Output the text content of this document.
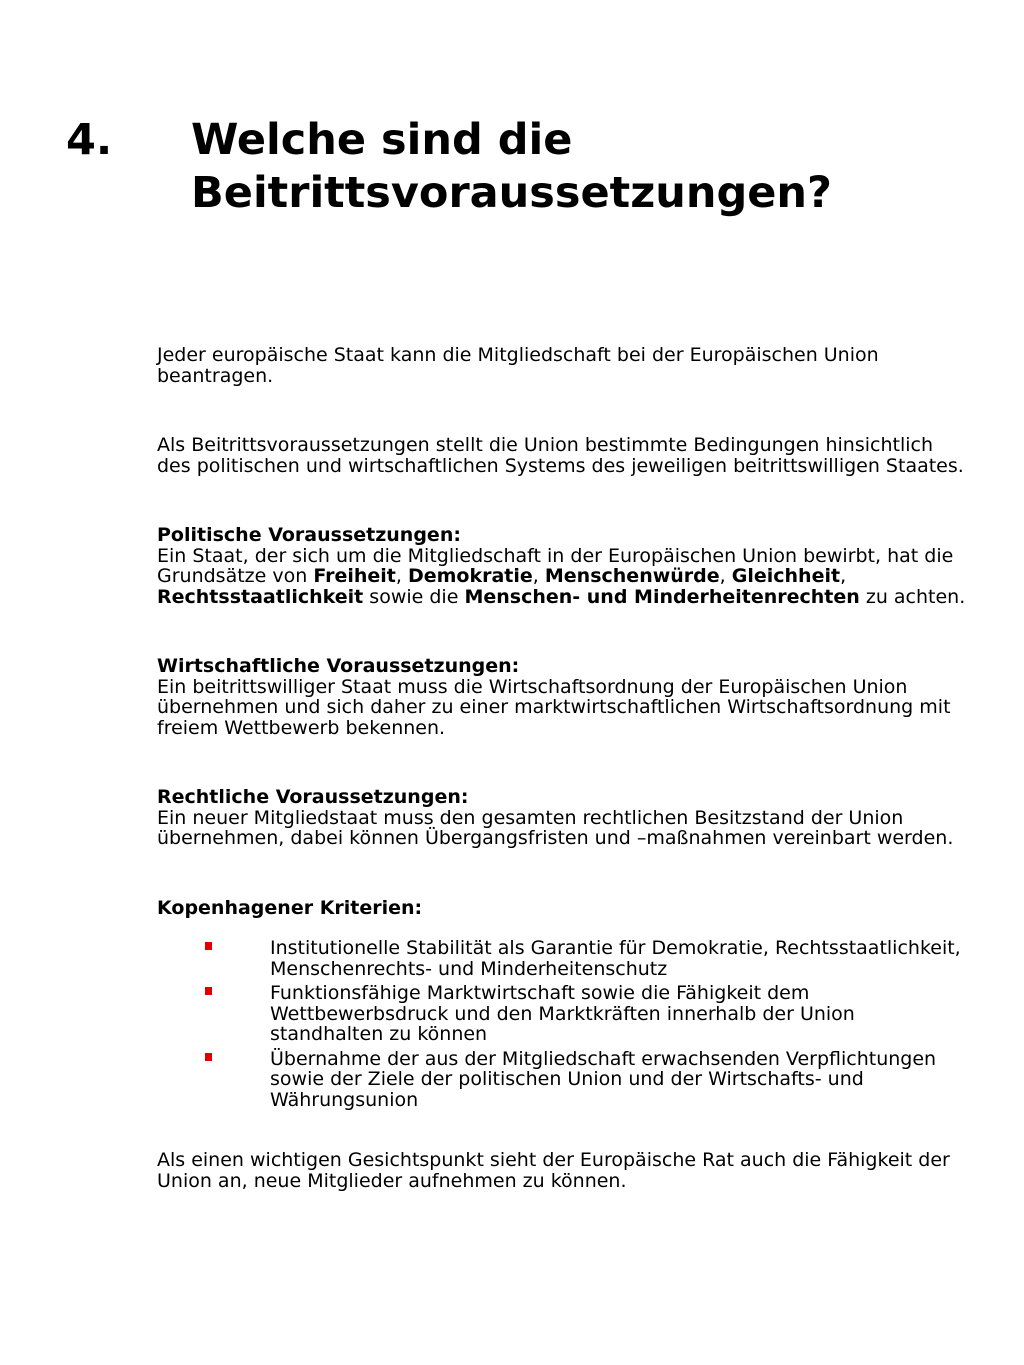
4. Welche sind die Beitrittsvoraussetzungen?

Jeder europäische Staat kann die Mitgliedschaft bei der Europäischen Union beantragen.

Als Beitrittsvoraussetzungen stellt die Union bestimmte Bedingungen hinsichtlich des politischen und wirtschaftlichen Systems des jeweiligen beitrittswilligen Staates.

Politische Voraussetzungen:

Ein Staat, der sich um die Mitgliedschaft in der Europäischen Union bewirbt, hat die Grundsätze von Freiheit, Demokratie, Menschenwürde, Gleichheit, Rechtsstaatlichkeit sowie die Menschen- und Minderheitenrechten zu achten.

Wirtschaftliche Voraussetzungen:

Ein beitrittswilliger Staat muss die Wirtschaftsordnung der Europäischen Union übernehmen und sich daher zu einer marktwirtschaftlichen Wirtschaftsordnung mit freiem Wettbewerb bekennen.

Rechtliche Voraussetzungen:

Ein neuer Mitgliedstaat muss den gesamten rechtlichen Besitzstand der Union übernehmen, dabei können Übergangsfristen und –maßnahmen vereinbart werden.

Kopenhagener Kriterien:

Institutionelle Stabilität als Garantie für Demokratie, Rechtsstaatlichkeit, Menschenrechts- und Minderheitenschutz
Funktionsfähige Marktwirtschaft sowie die Fähigkeit dem Wettbewerbsdruck und den Marktkräften innerhalb der Union standhalten zu können
Übernahme der aus der Mitgliedschaft erwachsenden Verpflichtungen sowie der Ziele der politischen Union und der Wirtschafts- und Währungsunion

Als einen wichtigen Gesichtspunkt sieht der Europäische Rat auch die Fähigkeit der Union an, neue Mitglieder aufnehmen zu können.
